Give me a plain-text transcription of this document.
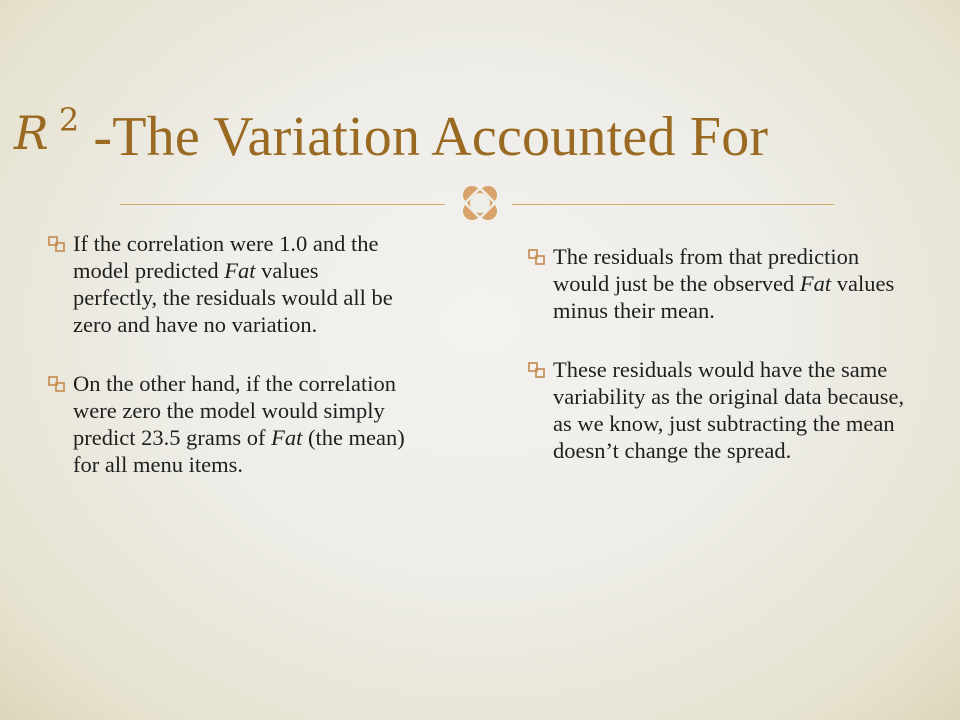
R $^2$ -The Variation Accounted For
If the correlation were 1.0 and the model predicted Fat values perfectly, the residuals would all be zero and have no variation.
On the other hand, if the correlation were zero the model would simply predict 23.5 grams of Fat (the mean) for all menu items.
The residuals from that prediction would just be the observed Fat values minus their mean.
These residuals would have the same variability as the original data because, as we know, just subtracting the mean doesn’t change the spread.
